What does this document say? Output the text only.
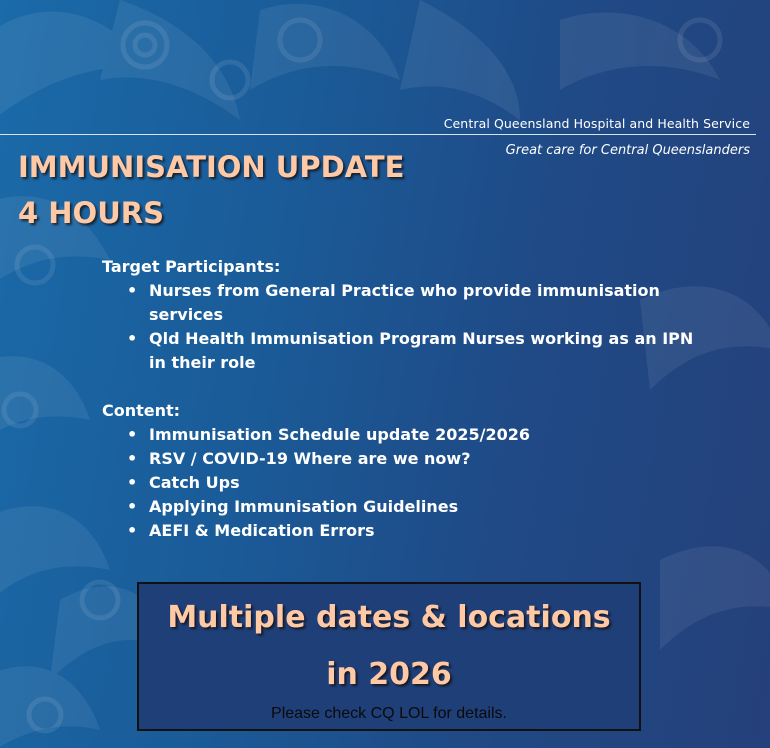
Central Queensland Hospital and Health Service

Great care for Central Queenslanders

IMMUNISATION UPDATE
4 HOURS

Target Participants:

• Nurses from General Practice who provide immunisation services
• Qld Health Immunisation Program Nurses working as an IPN in their role

Content:

• Immunisation Schedule update 2025/2026
• RSV / COVID-19 Where are we now?
• Catch Ups
• Applying Immunisation Guidelines
• AEFI & Medication Errors
Multiple dates & locations
in 2026

Please check CQ LOL for details.
